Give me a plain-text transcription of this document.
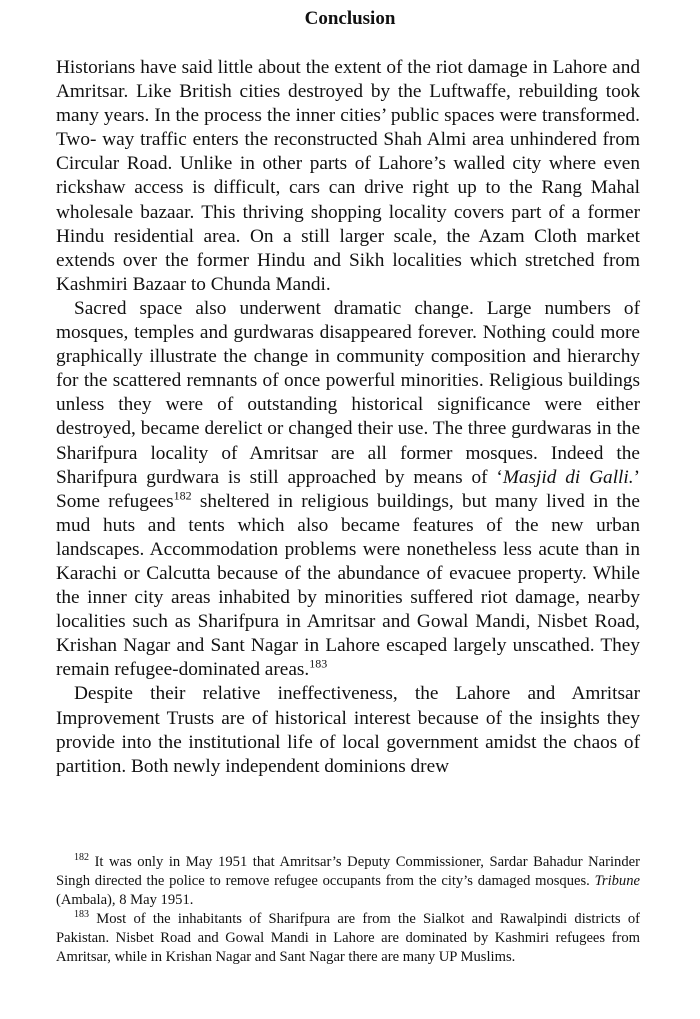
Conclusion

Historians have said little about the extent of the riot damage in Lahore and Amritsar. Like British cities destroyed by the Luftwaffe, rebuilding took many years. In the process the inner cities’ public spaces were transformed. Two- way traffic enters the reconstructed Shah Almi area unhindered from Circular Road. Unlike in other parts of Lahore’s walled city where even rickshaw access is difficult, cars can drive right up to the Rang Mahal wholesale bazaar. This thriving shopping locality covers part of a former Hindu residential area. On a still larger scale, the Azam Cloth market extends over the former Hindu and Sikh localities which stretched from Kashmiri Bazaar to Chunda Mandi.

Sacred space also underwent dramatic change. Large numbers of mosques, temples and gurdwaras disappeared forever. Nothing could more graphically illustrate the change in community composition and hierarchy for the scattered remnants of once powerful minorities. Religious buildings unless they were of outstanding historical significance were either destroyed, became derelict or changed their use. The three gurdwaras in the Sharifpura locality of Amritsar are all former mosques. Indeed the Sharifpura gurdwara is still approached by means of ‘Masjid di Galli.’ Some refugees$^{182}$ sheltered in religious buildings, but many lived in the mud huts and tents which also became features of the new urban landscapes. Accommodation problems were nonetheless less acute than in Karachi or Calcutta because of the abundance of evacuee property. While the inner city areas inhabited by minorities suffered riot damage, nearby localities such as Sharifpura in Amritsar and Gowal Mandi, Nisbet Road, Krishan Nagar and Sant Nagar in Lahore escaped largely unscathed. They remain refugee-dominated areas.$^{183}$

Despite their relative ineffectiveness, the Lahore and Amritsar Improvement Trusts are of historical interest because of the insights they provide into the institutional life of local government amidst the chaos of partition. Both newly independent dominions drew

$^{182}$ It was only in May 1951 that Amritsar’s Deputy Commissioner, Sardar Bahadur Narinder Singh directed the police to remove refugee occupants from the city’s damaged mosques. Tribune (Ambala), 8 May 1951.

$^{183}$ Most of the inhabitants of Sharifpura are from the Sialkot and Rawalpindi districts of Pakistan. Nisbet Road and Gowal Mandi in Lahore are dominated by Kashmiri refugees from Amritsar, while in Krishan Nagar and Sant Nagar there are many UP Muslims.
